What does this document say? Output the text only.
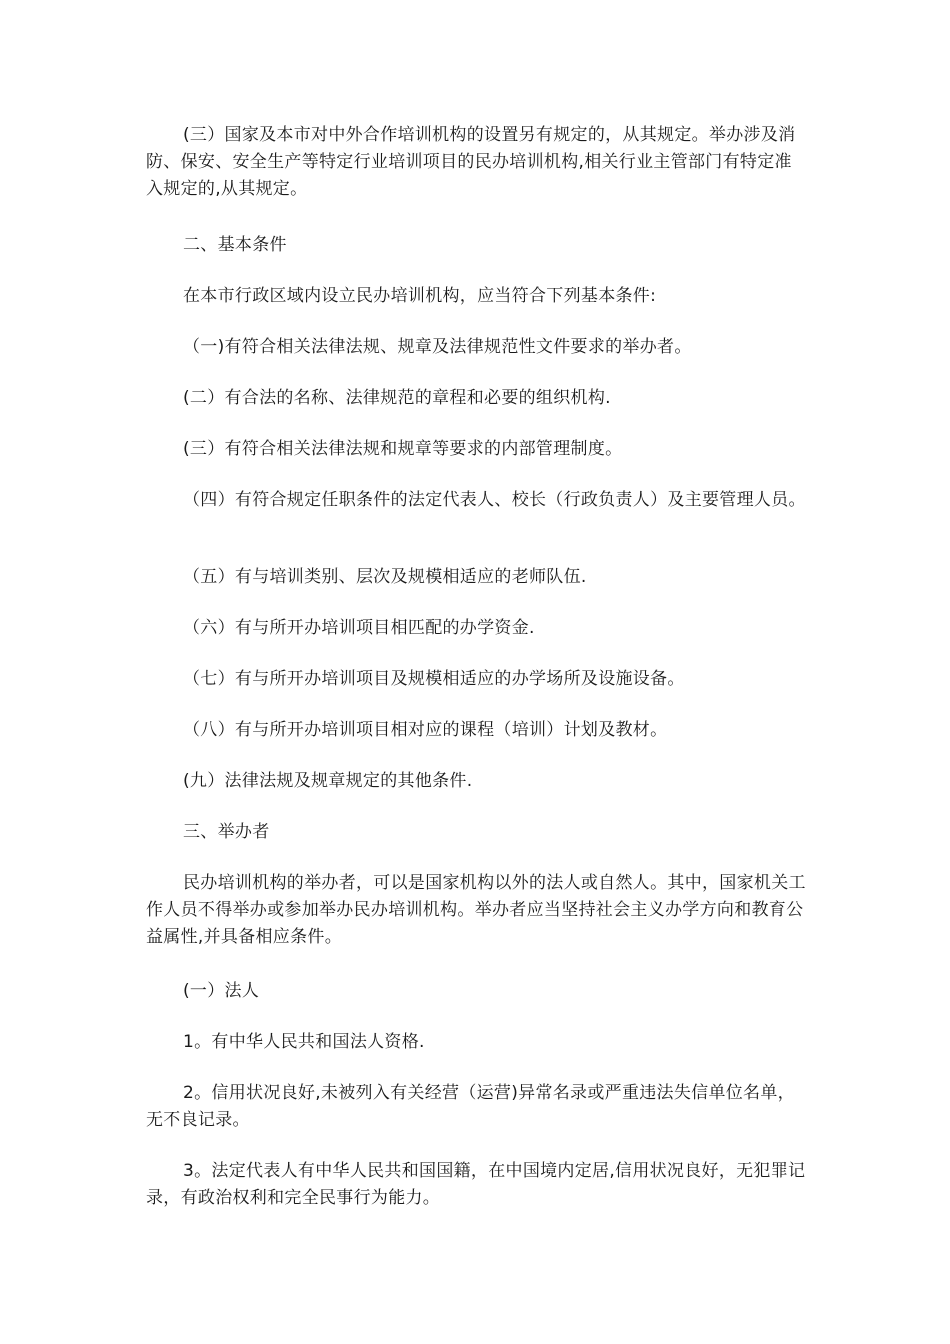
(三）国家及本市对中外合作培训机构的设置另有规定的，从其规定。举办涉及消防、保安、安全生产等特定行业培训项目的民办培训机构,相关行业主管部门有特定准入规定的,从其规定。

二、基本条件

在本市行政区域内设立民办培训机构，应当符合下列基本条件:

（一)有符合相关法律法规、规章及法律规范性文件要求的举办者。

(二）有合法的名称、法律规范的章程和必要的组织机构.

(三）有符合相关法律法规和规章等要求的内部管理制度。

（四）有符合规定任职条件的法定代表人、校长（行政负责人）及主要管理人员。

（五）有与培训类别、层次及规模相适应的老师队伍.

（六）有与所开办培训项目相匹配的办学资金.

（七）有与所开办培训项目及规模相适应的办学场所及设施设备。

（八）有与所开办培训项目相对应的课程（培训）计划及教材。

(九）法律法规及规章规定的其他条件.

三、举办者

民办培训机构的举办者，可以是国家机构以外的法人或自然人。其中，国家机关工作人员不得举办或参加举办民办培训机构。举办者应当坚持社会主义办学方向和教育公益属性,并具备相应条件。

(一）法人

1。有中华人民共和国法人资格.

2。信用状况良好,未被列入有关经营（运营)异常名录或严重违法失信单位名单，无不良记录。

3。法定代表人有中华人民共和国国籍，在中国境内定居,信用状况良好，无犯罪记录，有政治权利和完全民事行为能力。
